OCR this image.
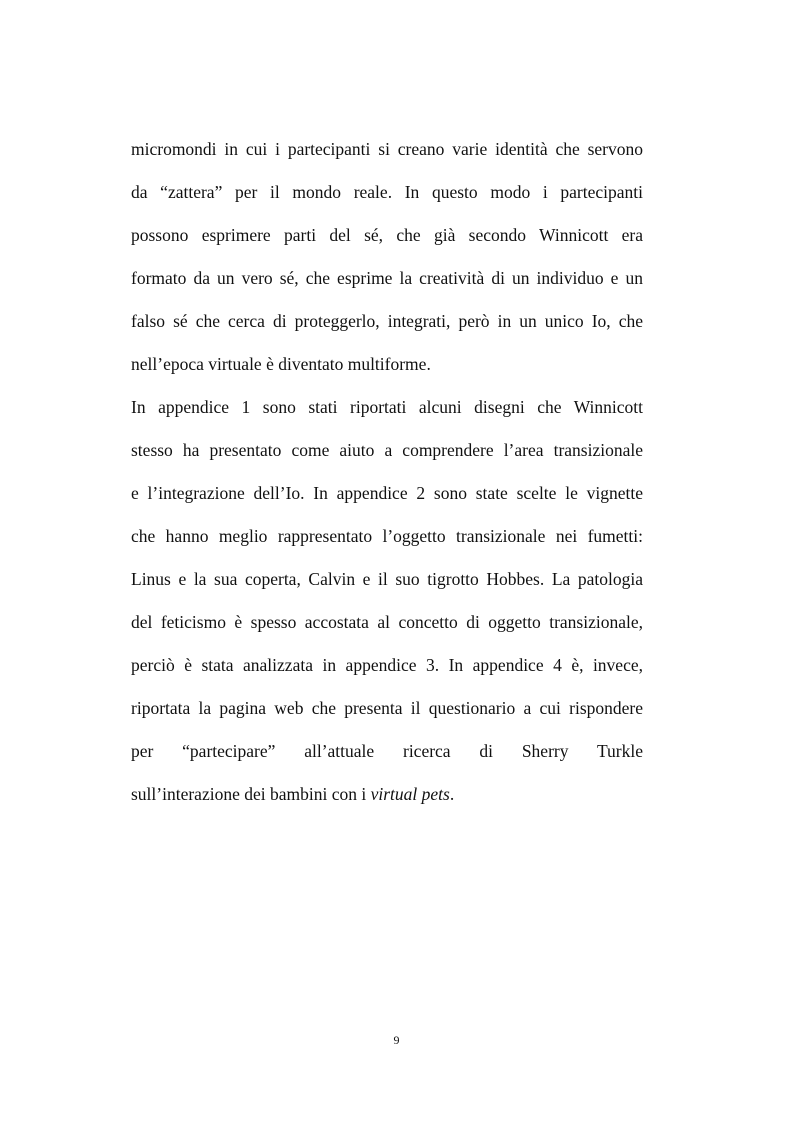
micromondi in cui i partecipanti si creano varie identità che servono
da “zattera” per il mondo reale. In questo modo i partecipanti
possono esprimere parti del sé, che già secondo Winnicott era
formato da un vero sé, che esprime la creatività di un individuo e un
falso sé che cerca di proteggerlo, integrati, però in un unico Io, che
nell’epoca virtuale è diventato multiforme.
In appendice 1 sono stati riportati alcuni disegni che Winnicott
stesso ha presentato come aiuto a comprendere l’area transizionale
e l’integrazione dell’Io. In appendice 2 sono state scelte le vignette
che hanno meglio rappresentato l’oggetto transizionale nei fumetti:
Linus e la sua coperta, Calvin e il suo tigrotto Hobbes. La patologia
del feticismo è spesso accostata al concetto di oggetto transizionale,
perciò è stata analizzata in appendice 3. In appendice 4 è, invece,
riportata la pagina web che presenta il questionario a cui rispondere
per “partecipare” all’attuale ricerca di Sherry Turkle
sull’interazione dei bambini con i virtual pets.
9
